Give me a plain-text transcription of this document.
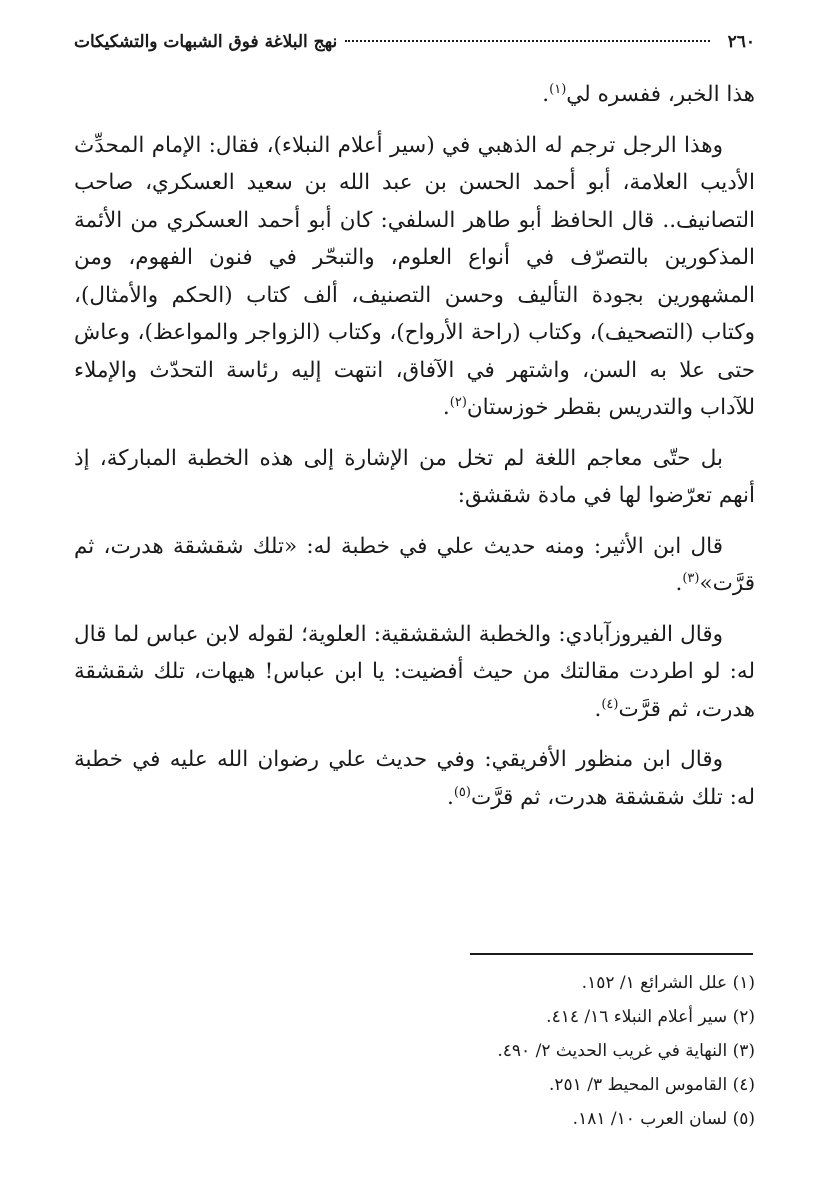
٢٦٠
نهج البلاغة فوق الشبهات والتشكيكات

هذا الخبر، ففسره لي$^{(١)}$.

وهذا الرجل ترجم له الذهبي في (سير أعلام النبلاء)، فقال: الإمام المحدِّث الأديب العلامة، أبو أحمد الحسن بن عبد الله بن سعيد العسكري، صاحب التصانيف.. قال الحافظ أبو طاهر السلفي: كان أبو أحمد العسكري من الأئمة المذكورين بالتصرّف في أنواع العلوم، والتبحّر في فنون الفهوم، ومن المشهورين بجودة التأليف وحسن التصنيف، ألف كتاب (الحكم والأمثال)، وكتاب (التصحيف)، وكتاب (راحة الأرواح)، وكتاب (الزواجر والمواعظ)، وعاش حتى علا به السن، واشتهر في الآفاق، انتهت إليه رئاسة التحدّث والإملاء للآداب والتدريس بقطر خوزستان$^{(٢)}$.

بل حتّى معاجم اللغة لم تخل من الإشارة إلى هذه الخطبة المباركة، إذ أنهم تعرّضوا لها في مادة شقشق:

قال ابن الأثير: ومنه حديث علي في خطبة له: «تلك شقشقة هدرت، ثم قرَّت»$^{(٣)}$.

وقال الفيروزآبادي: والخطبة الشقشقية: العلوية؛ لقوله لابن عباس لما قال له: لو اطردت مقالتك من حيث أفضيت: يا ابن عباس! هيهات، تلك شقشقة هدرت، ثم قرَّت$^{(٤)}$.

وقال ابن منظور الأفريقي: وفي حديث علي رضوان الله عليه في خطبة له: تلك شقشقة هدرت، ثم قرَّت$^{(٥)}$.

(١) علل الشرائع ١/ ١٥٢.

(٢) سير أعلام النبلاء ١٦/ ٤١٤.

(٣) النهاية في غريب الحديث ٢/ ٤٩٠.

(٤) القاموس المحيط ٣/ ٢٥١.

(٥) لسان العرب ١٠/ ١٨١.
